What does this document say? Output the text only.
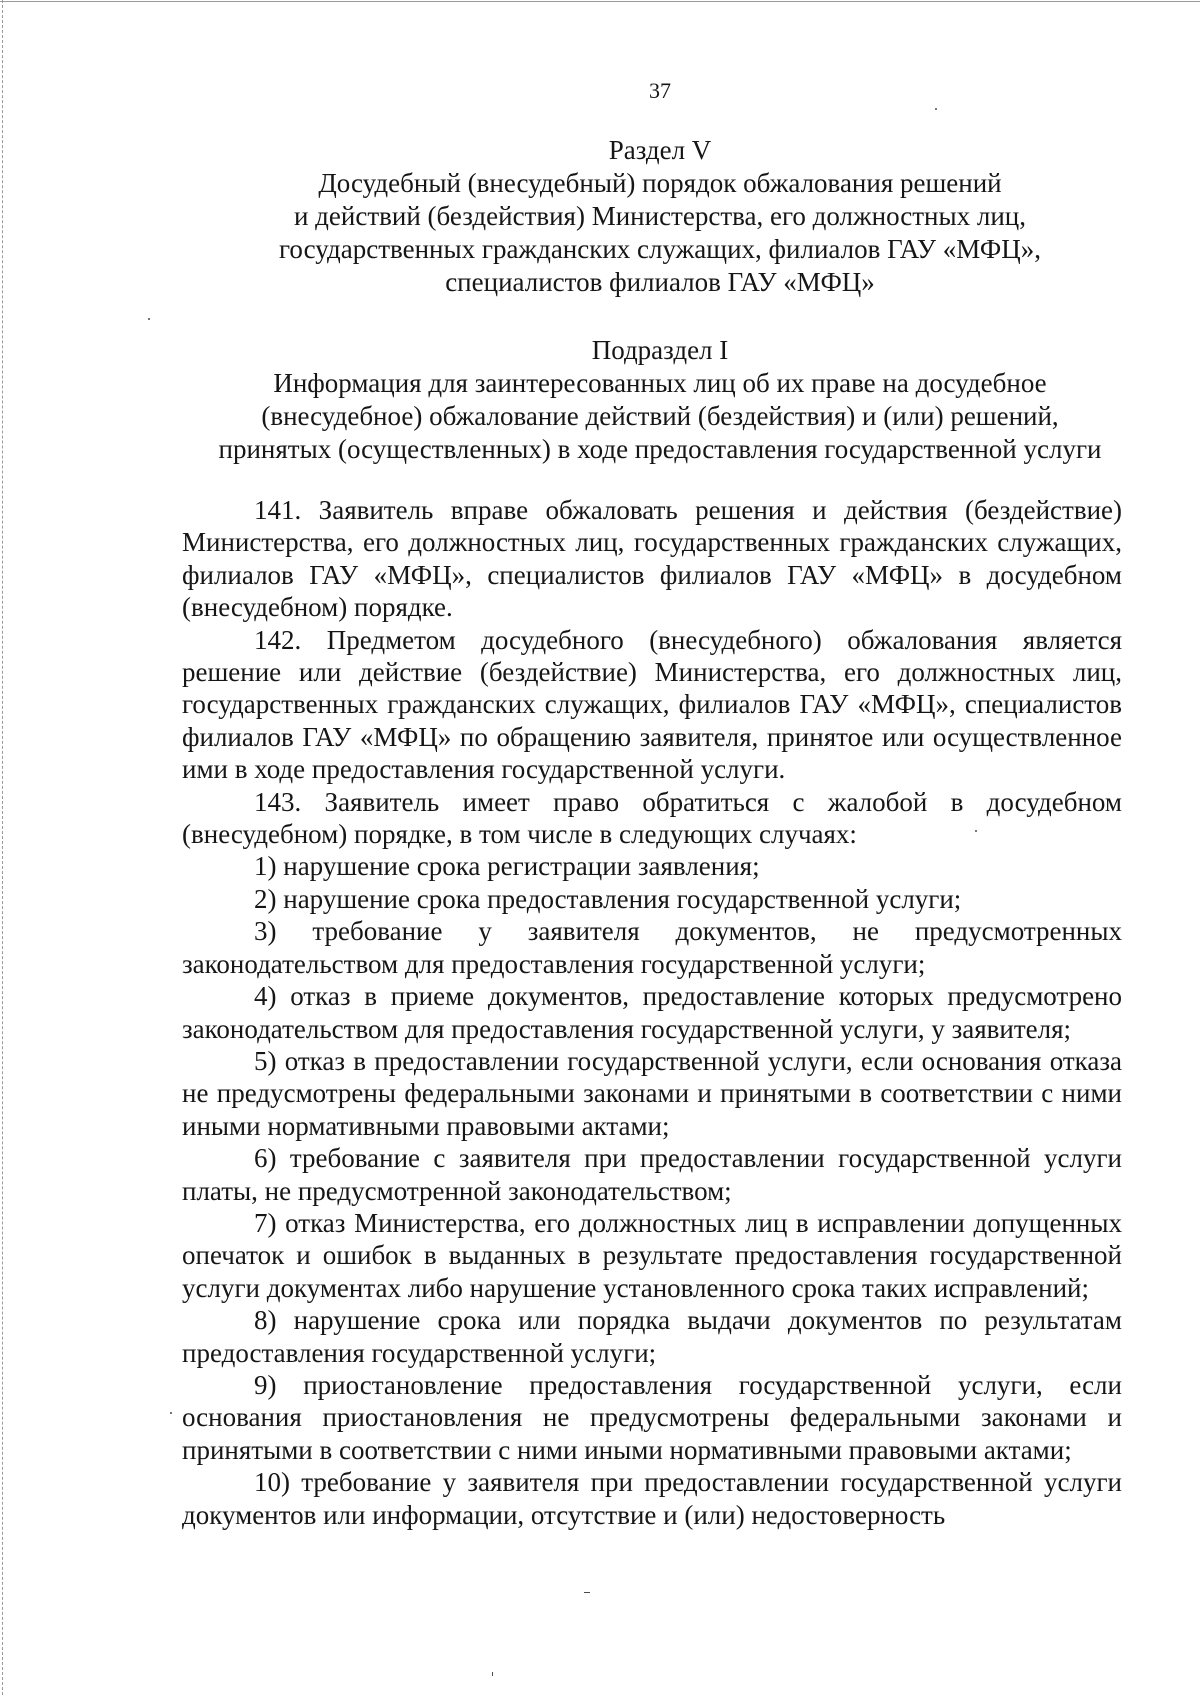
37

Раздел V
Досудебный (внесудебный) порядок обжалования решений
и действий (бездействия) Министерства, его должностных лиц,
государственных гражданских служащих, филиалов ГАУ «МФЦ»,
специалистов филиалов ГАУ «МФЦ»
Подраздел I
Информация для заинтересованных лиц об их праве на досудебное
(внесудебное) обжалование действий (бездействия) и (или) решений,
принятых (осуществленных) в ходе предоставления государственной услуги

141. Заявитель вправе обжаловать решения и действия (бездействие) Министерства, его должностных лиц, государственных гражданских служащих, филиалов ГАУ «МФЦ», специалистов филиалов ГАУ «МФЦ» в досудебном (внесудебном) порядке.

142. Предметом досудебного (внесудебного) обжалования является решение или действие (бездействие) Министерства, его должностных лиц, государственных гражданских служащих, филиалов ГАУ «МФЦ», специалистов филиалов ГАУ «МФЦ» по обращению заявителя, принятое или осуществленное ими в ходе предоставления государственной услуги.

143. Заявитель имеет право обратиться с жалобой в досудебном (внесудебном) порядке, в том числе в следующих случаях:

1) нарушение срока регистрации заявления;

2) нарушение срока предоставления государственной услуги;

3) требование у заявителя документов, не предусмотренных законодательством для предоставления государственной услуги;

4) отказ в приеме документов, предоставление которых предусмотрено законодательством для предоставления государственной услуги, у заявителя;

5) отказ в предоставлении государственной услуги, если основания отказа не предусмотрены федеральными законами и принятыми в соответствии с ними иными нормативными правовыми актами;

6) требование с заявителя при предоставлении государственной услуги платы, не предусмотренной законодательством;

7) отказ Министерства, его должностных лиц в исправлении допущенных опечаток и ошибок в выданных в результате предоставления государственной услуги документах либо нарушение установленного срока таких исправлений;

8) нарушение срока или порядка выдачи документов по результатам предоставления государственной услуги;

9) приостановление предоставления государственной услуги, если основания приостановления не предусмотрены федеральными законами и принятыми в соответствии с ними иными нормативными правовыми актами;

10) требование у заявителя при предоставлении государственной услуги документов или информации, отсутствие и (или) недостоверность
